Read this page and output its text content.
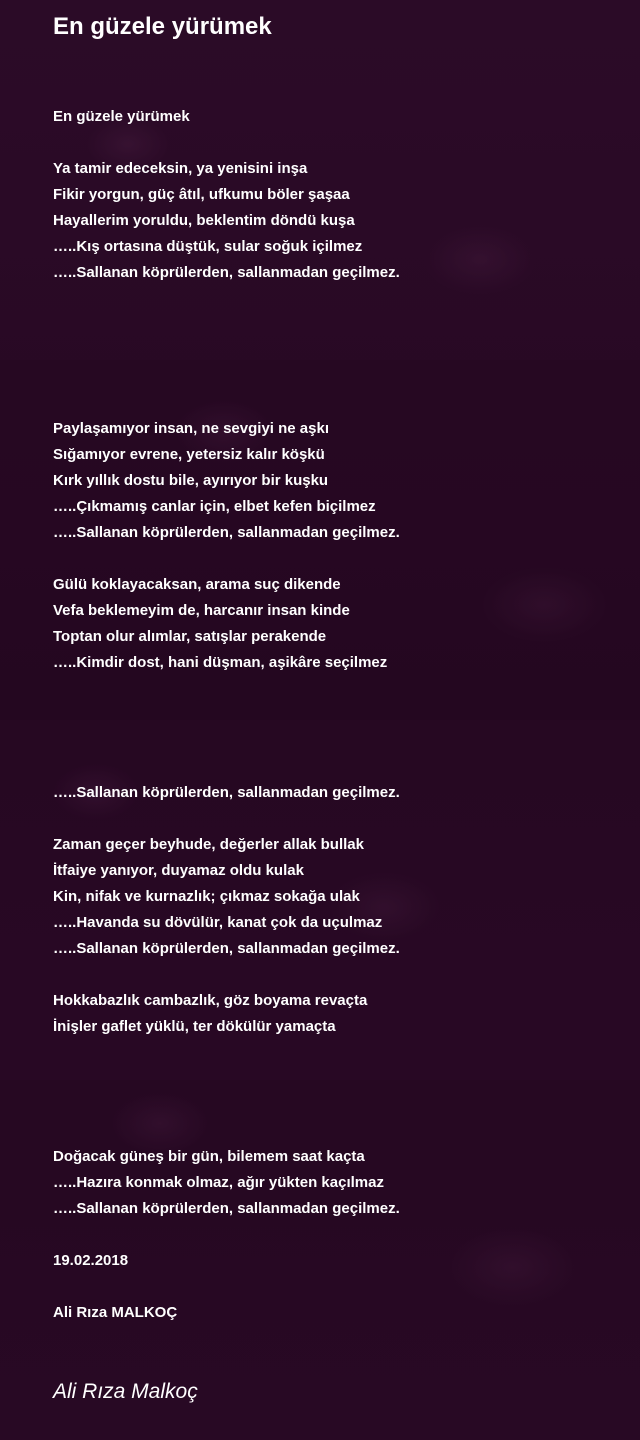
En güzele yürümek
En güzele yürümek
Ya tamir edeceksin, ya yenisini inşa
Fikir yorgun, güç âtıl, ufkumu böler şaşaa
Hayallerim yoruldu, beklentim döndü kuşa
…..Kış ortasına düştük, sular soğuk içilmez
…..Sallanan köprülerden, sallanmadan geçilmez.
Paylaşamıyor insan, ne sevgiyi ne aşkı
Sığamıyor evrene, yetersiz kalır köşkü
Kırk yıllık dostu bile, ayırıyor bir kuşku
…..Çıkmamış canlar için, elbet kefen biçilmez
…..Sallanan köprülerden, sallanmadan geçilmez.
Gülü koklayacaksan, arama suç dikende
Vefa beklemeyim de, harcanır insan kinde
Toptan olur alımlar, satışlar perakende
…..Kimdir dost, hani düşman, aşikâre seçilmez
…..Sallanan köprülerden, sallanmadan geçilmez.
Zaman geçer beyhude, değerler allak bullak
İtfaiye yanıyor, duyamaz oldu kulak
Kin, nifak ve kurnazlık; çıkmaz sokağa ulak
…..Havanda su dövülür, kanat çok da uçulmaz
…..Sallanan köprülerden, sallanmadan geçilmez.
Hokkabazlık cambazlık, göz boyama revaçta
İnişler gaflet yüklü, ter dökülür yamaçta
Doğacak güneş bir gün, bilemem saat kaçta
…..Hazıra konmak olmaz, ağır yükten kaçılmaz
…..Sallanan köprülerden, sallanmadan geçilmez.
19.02.2018
Ali Rıza MALKOÇ
Ali Rıza Malkoç
